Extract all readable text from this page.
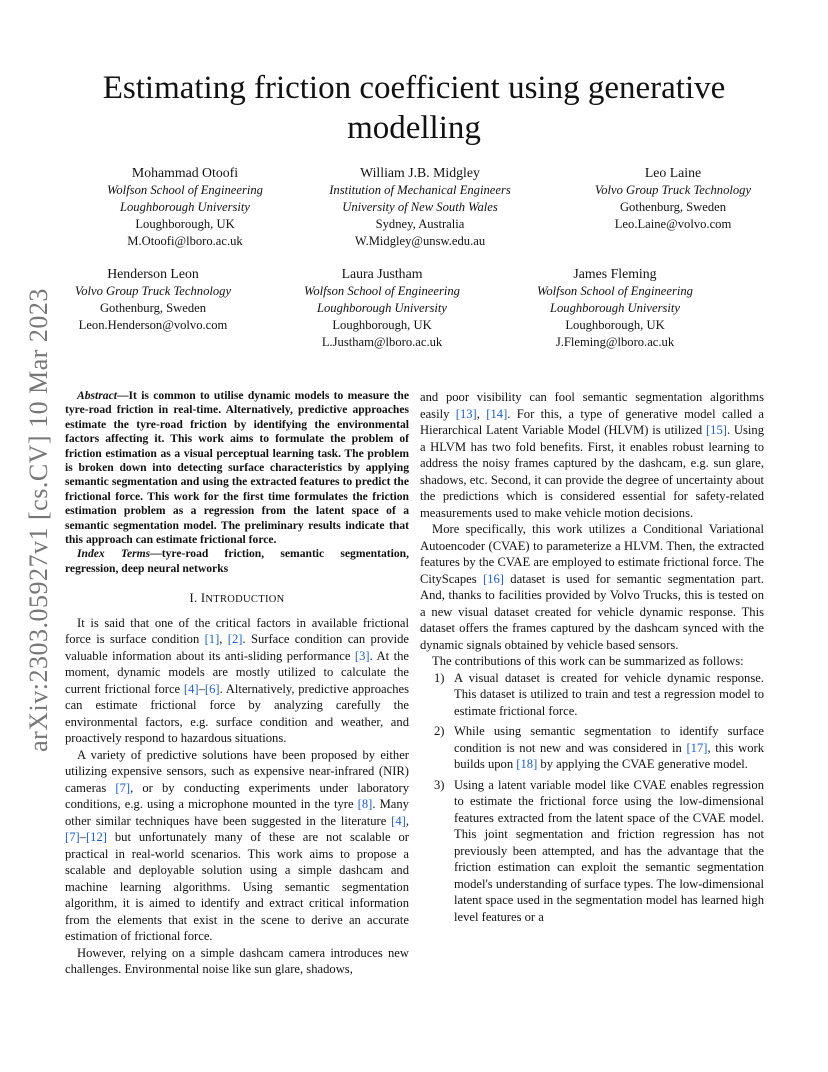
arXiv:2303.05927v1 [cs.CV] 10 Mar 2023
Estimating friction coefficient using generative
modelling
Mohammad Otoofi
Wolfson School of Engineering
Loughborough University
Loughborough, UK
M.Otoofi@lboro.ac.uk
William J.B. Midgley
Institution of Mechanical Engineers
University of New South Wales
Sydney, Australia
W.Midgley@unsw.edu.au
Leo Laine
Volvo Group Truck Technology
Gothenburg, Sweden
Leo.Laine@volvo.com
Henderson Leon
Volvo Group Truck Technology
Gothenburg, Sweden
Leon.Henderson@volvo.com
Laura Justham
Wolfson School of Engineering
Loughborough University
Loughborough, UK
L.Justham@lboro.ac.uk
James Fleming
Wolfson School of Engineering
Loughborough University
Loughborough, UK
J.Fleming@lboro.ac.uk

Abstract—It is common to utilise dynamic models to measure the tyre-road friction in real-time. Alternatively, predictive approaches estimate the tyre-road friction by identifying the environmental factors affecting it. This work aims to formulate the problem of friction estimation as a visual perceptual learning task. The problem is broken down into detecting surface characteristics by applying semantic segmentation and using the extracted features to predict the frictional force. This work for the first time formulates the friction estimation problem as a regression from the latent space of a semantic segmentation model. The preliminary results indicate that this approach can estimate frictional force.

Index Terms—tyre-road friction, semantic segmentation, regression, deep neural networks

I. INTRODUCTION

It is said that one of the critical factors in available frictional force is surface condition [1], [2]. Surface condition can provide valuable information about its anti-sliding performance [3]. At the moment, dynamic models are mostly utilized to calculate the current frictional force [4]–[6]. Alternatively, predictive approaches can estimate frictional force by analyzing carefully the environmental factors, e.g. surface condition and weather, and proactively respond to hazardous situations.

A variety of predictive solutions have been proposed by either utilizing expensive sensors, such as expensive near-infrared (NIR) cameras [7], or by conducting experiments under laboratory conditions, e.g. using a microphone mounted in the tyre [8]. Many other similar techniques have been suggested in the literature [4], [7]–[12] but unfortunately many of these are not scalable or practical in real-world scenarios. This work aims to propose a scalable and deployable solution using a simple dashcam and machine learning algorithms. Using semantic segmentation algorithm, it is aimed to identify and extract critical information from the elements that exist in the scene to derive an accurate estimation of frictional force.

However, relying on a simple dashcam camera introduces new challenges. Environmental noise like sun glare, shadows,

and poor visibility can fool semantic segmentation algorithms easily [13], [14]. For this, a type of generative model called a Hierarchical Latent Variable Model (HLVM) is utilized [15]. Using a HLVM has two fold benefits. First, it enables robust learning to address the noisy frames captured by the dashcam, e.g. sun glare, shadows, etc. Second, it can provide the degree of uncertainty about the predictions which is considered essential for safety-related measurements used to make vehicle motion decisions.

More specifically, this work utilizes a Conditional Variational Autoencoder (CVAE) to parameterize a HLVM. Then, the extracted features by the CVAE are employed to estimate frictional force. The CityScapes [16] dataset is used for semantic segmentation part. And, thanks to facilities provided by Volvo Trucks, this is tested on a new visual dataset created for vehicle dynamic response. This dataset offers the frames captured by the dashcam synced with the dynamic signals obtained by vehicle based sensors.

The contributions of this work can be summarized as follows:

1) A visual dataset is created for vehicle dynamic response. This dataset is utilized to train and test a regression model to estimate frictional force.
2) While using semantic segmentation to identify surface condition is not new and was considered in [17], this work builds upon [18] by applying the CVAE generative model.
3) Using a latent variable model like CVAE enables regression to estimate the frictional force using the low-dimensional features extracted from the latent space of the CVAE model. This joint segmentation and friction regression has not previously been attempted, and has the advantage that the friction estimation can exploit the semantic segmentation model's understanding of surface types. The low-dimensional latent space used in the segmentation model has learned high level features or a
